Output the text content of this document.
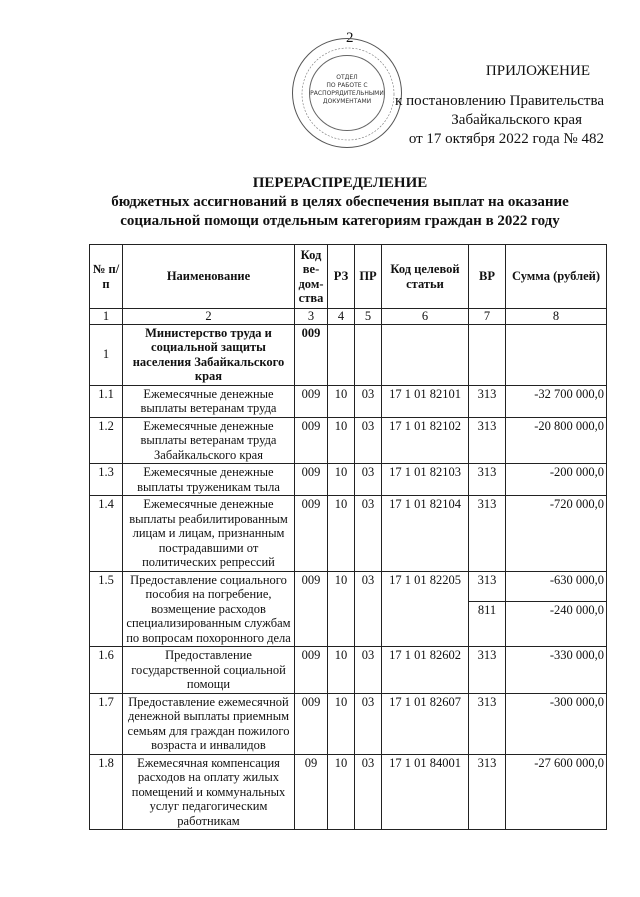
2
ОТДЕЛ
ПО РАБОТЕ С
РАСПОРЯДИТЕЛЬНЫМИ
ДОКУМЕНТАМИ
ПРИЛОЖЕНИЕ
к постановлению Правительства
Забайкальского края
от 17 октября 2022 года № 482
ПЕРЕРАСПРЕДЕЛЕНИЕ
бюджетных ассигнований в целях обеспечения выплат на оказание
социальной помощи отдельным категориям граждан в 2022 году
№ п/п	Наименование	Код ве-дом-ства	РЗ	ПР	Код целевой статьи	ВР	Сумма (рублей)
1	2	3	4	5	6	7	8
1	Министерство труда и социальной защиты населения Забайкальского края	009					
1.1	Ежемесячные денежные выплаты ветеранам труда	009	10	03	17 1 01 82101	313	-32 700 000,0
1.2	Ежемесячные денежные выплаты ветеранам труда Забайкальского края	009	10	03	17 1 01 82102	313	-20 800 000,0
1.3	Ежемесячные денежные выплаты труженикам тыла	009	10	03	17 1 01 82103	313	-200 000,0
1.4	Ежемесячные денежные выплаты реабилитированным лицам и лицам, признанным пострадавшими от политических репрессий	009	10	03	17 1 01 82104	313	-720 000,0
1.5	Предоставление социального пособия на погребение, возмещение расходов специализированным службам по вопросам похоронного дела	009	10	03	17 1 01 82205	313	-630 000,0
						811	-240 000,0
1.6	Предоставление государственной социальной помощи	009	10	03	17 1 01 82602	313	-330 000,0
1.7	Предоставление ежемесячной денежной выплаты приемным семьям для граждан пожилого возраста и инвалидов	009	10	03	17 1 01 82607	313	-300 000,0
1.8	Ежемесячная компенсация расходов на оплату жилых помещений и коммунальных услуг педагогическим работникам	09	10	03	17 1 01 84001	313	-27 600 000,0
